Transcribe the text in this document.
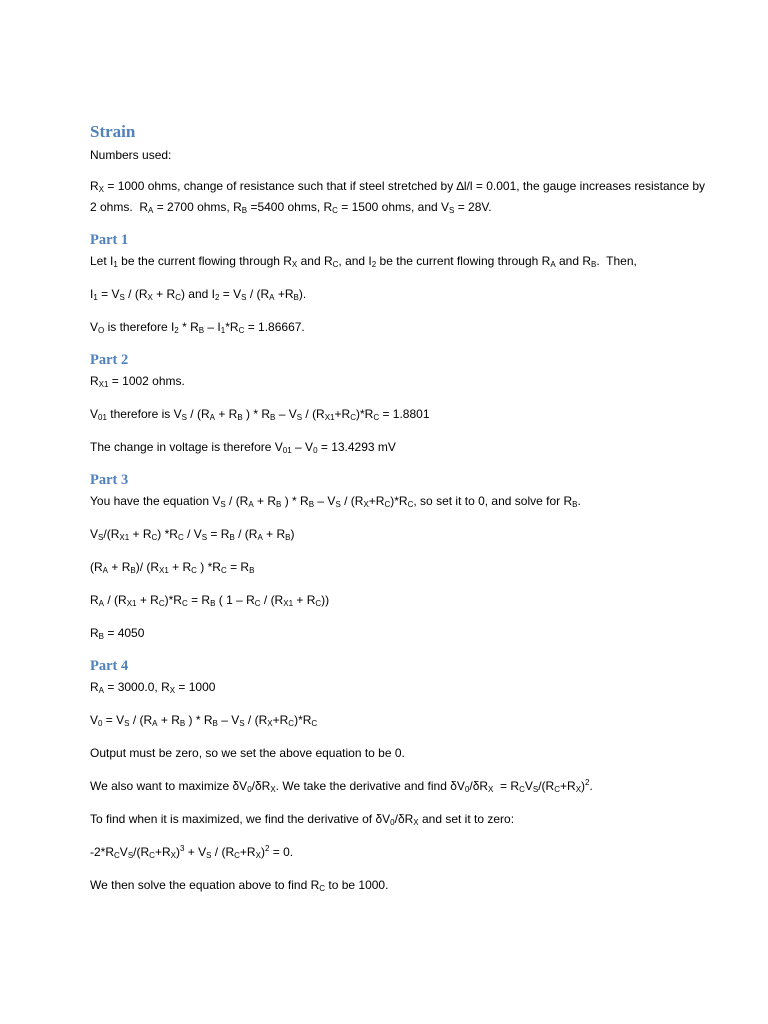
Strain
Numbers used:
$R_X = 1000$ ohms, change of resistance such that if steel stretched by ∆l/l = 0.001, the gauge increases resistance by 2 ohms.  $R_A = 2700$ ohms, $R_B =5400$ ohms, $R_C = 1500$ ohms, and $V_S = 28V$.
Part 1
Let $I_1$ be the current flowing through $R_X$ and $R_C$, and $I_2$ be the current flowing through $R_A$ and $R_B$.  Then,
$I_1 = V_S / (R_X + R_C)$ and $I_2 = V_S / (R_A +R_B)$.
$V_O$ is therefore $I_2 * R_B - I_1*R_C = 1.86667$.
Part 2
$R_{X1} = 1002$ ohms.
$V_{01}$ therefore is $V_S / (R_A + R_B$ ) * $R_B - V_S / (R_{X1}+R_C)*R_C = 1.8801$
The change in voltage is therefore $V_{01} - V_0 = 13.4293$ mV
Part 3
You have the equation $V_S / (R_A + R_B$ ) * $R_B - V_S / (R_X+R_C)*R_C$, so set it to 0, and solve for $R_B$.
$V_S/(R_{X1} + R_C)$ $*R_C / V_S = R_B / (R_A + R_B)$
$(R_A + R_B)/$ ($R_{X1} + R_C$ ) $*R_C = R_B$
$R_A / (R_{X1} + R_C)*R_C = R_B$ ( $1 - R_C / (R_{X1} + R_C)$)
$R_B = 4050$
Part 4
$R_A = 3000.0$, $R_X = 1000$
$V_0 = V_S / (R_A + R_B$ ) * $R_B - V_S / (R_X+R_C)*R_C$
Output must be zero, so we set the above equation to be 0.
We also want to maximize $\delta V_0/\delta R_X$. We take the derivative and find $\delta V_0/\delta R_X = R_CV_S/(R_C+R_X)^2$.
To find when it is maximized, we find the derivative of $\delta V_0/\delta R_X$ and set it to zero:
$-2*R_CV_S/(R_C+R_X)^3 + V_S / (R_C+R_X)^2 = 0$.
We then solve the equation above to find $R_C$ to be 1000.
